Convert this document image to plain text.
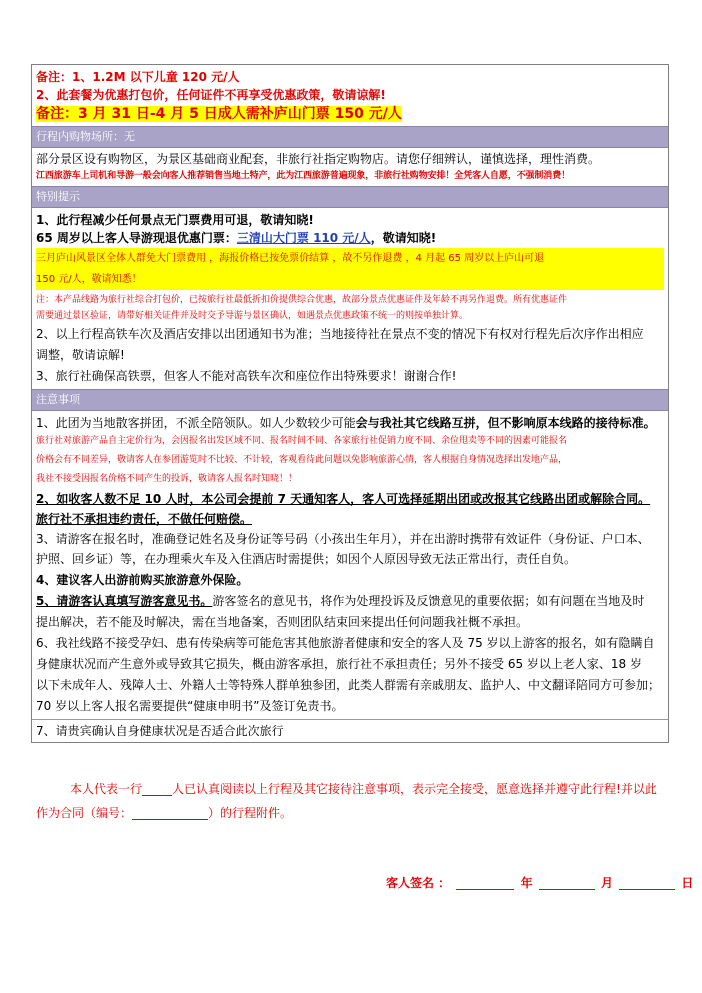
备注：1、1.2M 以下儿童 120 元/人
2、此套餐为优惠打包价，任何证件不再享受优惠政策，敬请谅解!
备注：3 月 31 日-4 月 5 日成人需补庐山门票 150 元/人
行程内购物场所：无
部分景区设有购物区，为景区基础商业配套，非旅行社指定购物店。请您仔细辨认，谨慎选择，理性消费。
江西旅游车上司机和导游一般会向客人推荐销售当地土特产，此为江西旅游普遍现象，非旅行社购物安排！全凭客人自愿，不强制消费！
特别提示
1、此行程减少任何景点无门票费用可退，敬请知晓!
65 周岁以上客人导游现退优惠门票：三清山大门票 110 元/人，敬请知晓!
三月庐山风景区全体人群免大门票费用 ，海报价格已按免票价结算 ，故不另作退费 ，4 月起 65 周岁以上庐山可退
150 元/人，敬请知悉！
注：本产品线路为旅行社综合打包价，已按旅行社最低折扣价提供综合优惠，故部分景点优惠证件及年龄不再另作退费。所有优惠证件
需要通过景区验证，请带好相关证件并及时交予导游与景区确认，如遇景点优惠政策不统一的则按单独计算。
2、以上行程高铁车次及酒店安排以出团通知书为准；当地接待社在景点不变的情况下有权对行程先后次序作出相应
调整，敬请谅解!
3、旅行社确保高铁票，但客人不能对高铁车次和座位作出特殊要求！谢谢合作!
注意事项
1、此团为当地散客拼团，不派全陪领队。如人少数较少可能会与我社其它线路互拼，但不影响原本线路的接待标准。
旅行社对旅游产品自主定价行为，会因报名出发区域不同、报名时间不同、各家旅行社促销力度不同、余位甩卖等不同的因素可能报名
价格会有不同差异，敬请客人在参团游览时不比较、不计较，客观看待此问题以免影响旅游心情，客人根据自身情况选择出发地产品，
我社不接受因报名价格不同产生的投诉，敬请客人报名时知晓！！
2、如收客人数不足 10 人时，本公司会提前 7 天通知客人，客人可选择延期出团或改报其它线路出团或解除合同。
旅行社不承担违约责任，不做任何赔偿。
3、请游客在报名时，准确登记姓名及身份证等号码（小孩出生年月），并在出游时携带有效证件（身份证、户口本、
护照、回乡证）等，在办理乘火车及入住酒店时需提供；如因个人原因导致无法正常出行，责任自负。
4、建议客人出游前购买旅游意外保险。
5、请游客认真填写游客意见书。游客签名的意见书，将作为处理投诉及反馈意见的重要依据；如有问题在当地及时
提出解决，若不能及时解决，需在当地备案，否则团队结束回来提出任何问题我社概不承担。
6、我社线路不接受孕妇、患有传染病等可能危害其他旅游者健康和安全的客人及 75 岁以上游客的报名，如有隐瞒自
身健康状况而产生意外或导致其它损失，概由游客承担，旅行社不承担责任；另外不接受 65 岁以上老人家、18 岁
以下未成年人、残障人士、外籍人士等特殊人群单独参团，此类人群需有亲戚朋友、监护人、中文翻译陪同方可参加；
70 岁以上客人报名需要提供“健康申明书”及签订免责书。
7、请贵宾确认自身健康状况是否适合此次旅行
本人代表一行	人已认真阅读以上行程及其它接待注意事项，表示完全接受，愿意选择并遵守此行程!并以此
作为合同（编号：	）的行程附件。
客人签名 ：	年	月	日
